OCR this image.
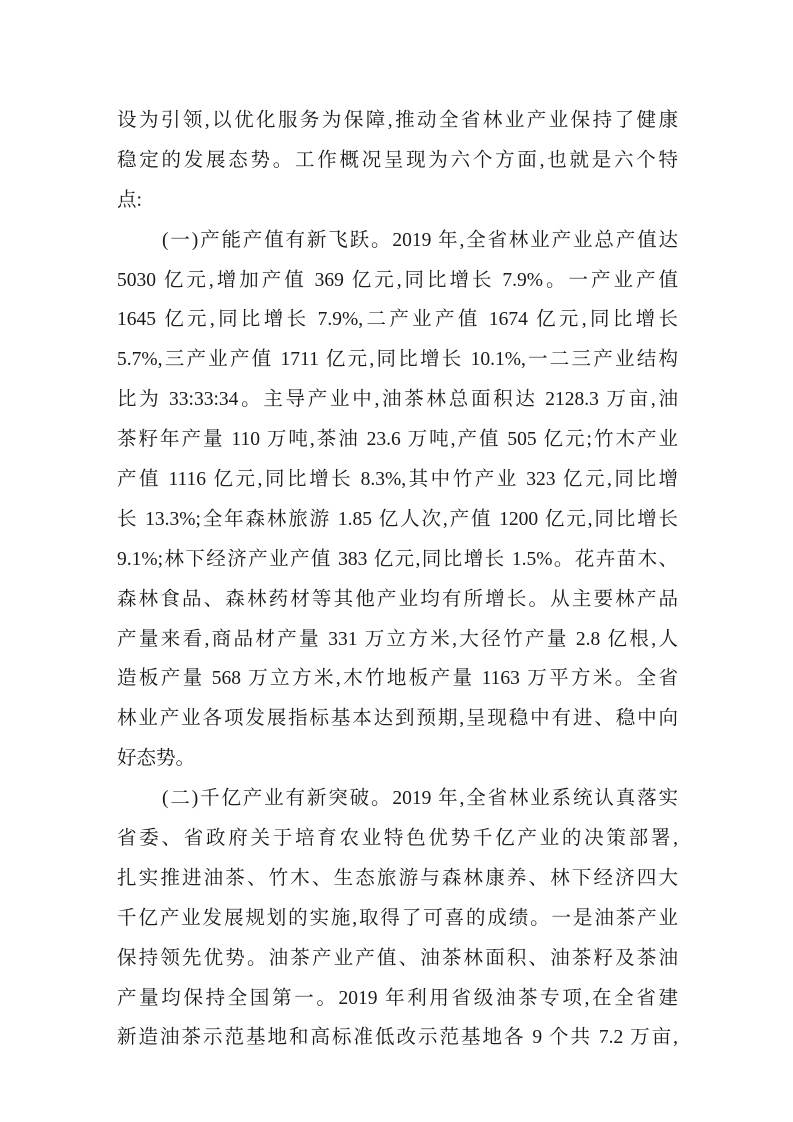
设为引领,以优化服务为保障,推动全省林业产业保持了健康
稳定的发展态势。工作概况呈现为六个方面,也就是六个特
点:
(一)产能产值有新飞跃。2019 年,全省林业产业总产值达
5030 亿元,增加产值 369 亿元,同比增长 7.9%。一产业产值
1645 亿元,同比增长 7.9%,二产业产值 1674 亿元,同比增长
5.7%,三产业产值 1711 亿元,同比增长 10.1%,一二三产业结构
比为 33:33:34。主导产业中,油茶林总面积达 2128.3 万亩,油
茶籽年产量 110 万吨,茶油 23.6 万吨,产值 505 亿元;竹木产业
产值 1116 亿元,同比增长 8.3%,其中竹产业 323 亿元,同比增
长 13.3%;全年森林旅游 1.85 亿人次,产值 1200 亿元,同比增长
9.1%;林下经济产业产值 383 亿元,同比增长 1.5%。花卉苗木、
森林食品、森林药材等其他产业均有所增长。从主要林产品
产量来看,商品材产量 331 万立方米,大径竹产量 2.8 亿根,人
造板产量 568 万立方米,木竹地板产量 1163 万平方米。全省
林业产业各项发展指标基本达到预期,呈现稳中有进、稳中向
好态势。
(二)千亿产业有新突破。2019 年,全省林业系统认真落实
省委、省政府关于培育农业特色优势千亿产业的决策部署,
扎实推进油茶、竹木、生态旅游与森林康养、林下经济四大
千亿产业发展规划的实施,取得了可喜的成绩。一是油茶产业
保持领先优势。油茶产业产值、油茶林面积、油茶籽及茶油
产量均保持全国第一。2019 年利用省级油茶专项,在全省建
新造油茶示范基地和高标准低改示范基地各 9 个共 7.2 万亩,
